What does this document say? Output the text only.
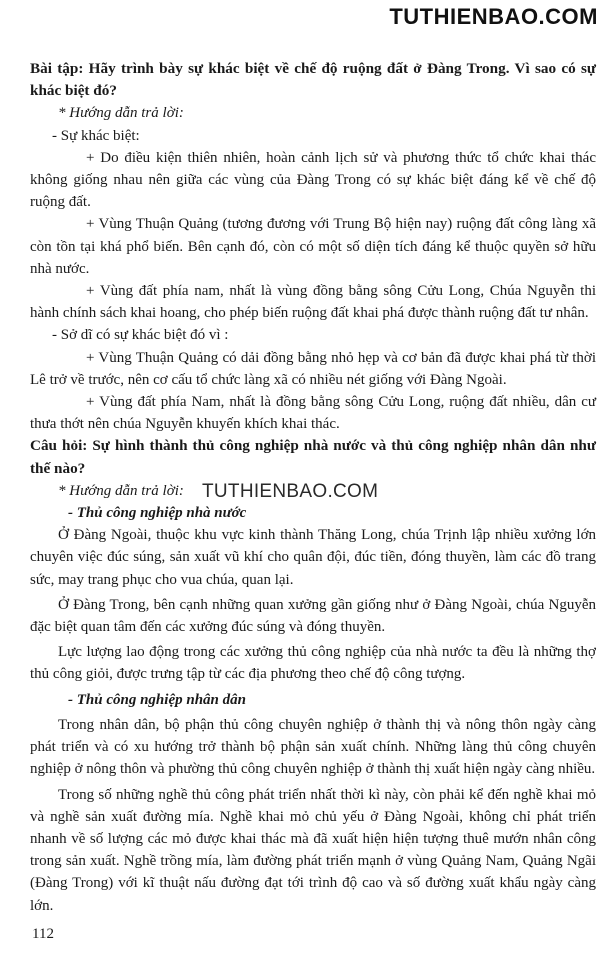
TUTHIENBAO.COM
TUTHIENBAO.COM

Bài tập: Hãy trình bày sự khác biệt về chế độ ruộng đất ở Đàng Trong. Vì sao có sự khác biệt đó?

* Hướng dẫn trả lời:

- Sự khác biệt:

+ Do điều kiện thiên nhiên, hoàn cảnh lịch sử và phương thức tổ chức khai thác không giống nhau nên giữa các vùng của Đàng Trong có sự khác biệt đáng kể về chế độ ruộng đất.

+ Vùng Thuận Quảng (tương đương với Trung Bộ hiện nay) ruộng đất công làng xã còn tồn tại khá phổ biến. Bên cạnh đó, còn có một số diện tích đáng kể thuộc quyền sở hữu nhà nước.

+ Vùng đất phía nam, nhất là vùng đồng bằng sông Cửu Long, Chúa Nguyễn thi hành chính sách khai hoang, cho phép biến ruộng đất khai phá được thành ruộng đất tư nhân.

- Sở dĩ có sự khác biệt đó vì :

+ Vùng Thuận Quảng có dải đồng bằng nhỏ hẹp và cơ bản đã được khai phá từ thời Lê trở về trước, nên cơ cấu tổ chức làng xã có nhiều nét giống với Đàng Ngoài.

+ Vùng đất phía Nam, nhất là đồng bằng sông Cửu Long, ruộng đất nhiều, dân cư thưa thớt nên chúa Nguyễn khuyến khích khai thác.

Câu hỏi: Sự hình thành thủ công nghiệp nhà nước và thủ công nghiệp nhân dân như thế nào?

* Hướng dẫn trả lời:

- Thủ công nghiệp nhà nước

Ở Đàng Ngoài, thuộc khu vực kinh thành Thăng Long, chúa Trịnh lập nhiều xưởng lớn chuyên việc đúc súng, sản xuất vũ khí cho quân đội, đúc tiền, đóng thuyền, làm các đồ trang sức, may trang phục cho vua chúa, quan lại.

Ở Đàng Trong, bên cạnh những quan xưởng gần giống như ở Đàng Ngoài, chúa Nguyễn đặc biệt quan tâm đến các xưởng đúc súng và đóng thuyền.

Lực lượng lao động trong các xưởng thủ công nghiệp của nhà nước ta đều là những thợ thủ công giỏi, được trưng tập từ các địa phương theo chế độ công tượng.

- Thủ công nghiệp nhân dân

Trong nhân dân, bộ phận thủ công chuyên nghiệp ở thành thị và nông thôn ngày càng phát triển và có xu hướng trở thành bộ phận sản xuất chính. Những làng thủ công chuyên nghiệp ở nông thôn và phường thủ công chuyên nghiệp ở thành thị xuất hiện ngày càng nhiều.

Trong số những nghề thủ công phát triển nhất thời kì này, còn phải kể đến nghề khai mỏ và nghề sản xuất đường mía. Nghề khai mỏ chủ yếu ở Đàng Ngoài, không chỉ phát triển nhanh về số lượng các mỏ được khai thác mà đã xuất hiện hiện tượng thuê mướn nhân công trong sản xuất. Nghề trồng mía, làm đường phát triển mạnh ở vùng Quảng Nam, Quảng Ngãi (Đàng Trong) với kĩ thuật nấu đường đạt tới trình độ cao và số đường xuất khẩu ngày càng lớn.

112
